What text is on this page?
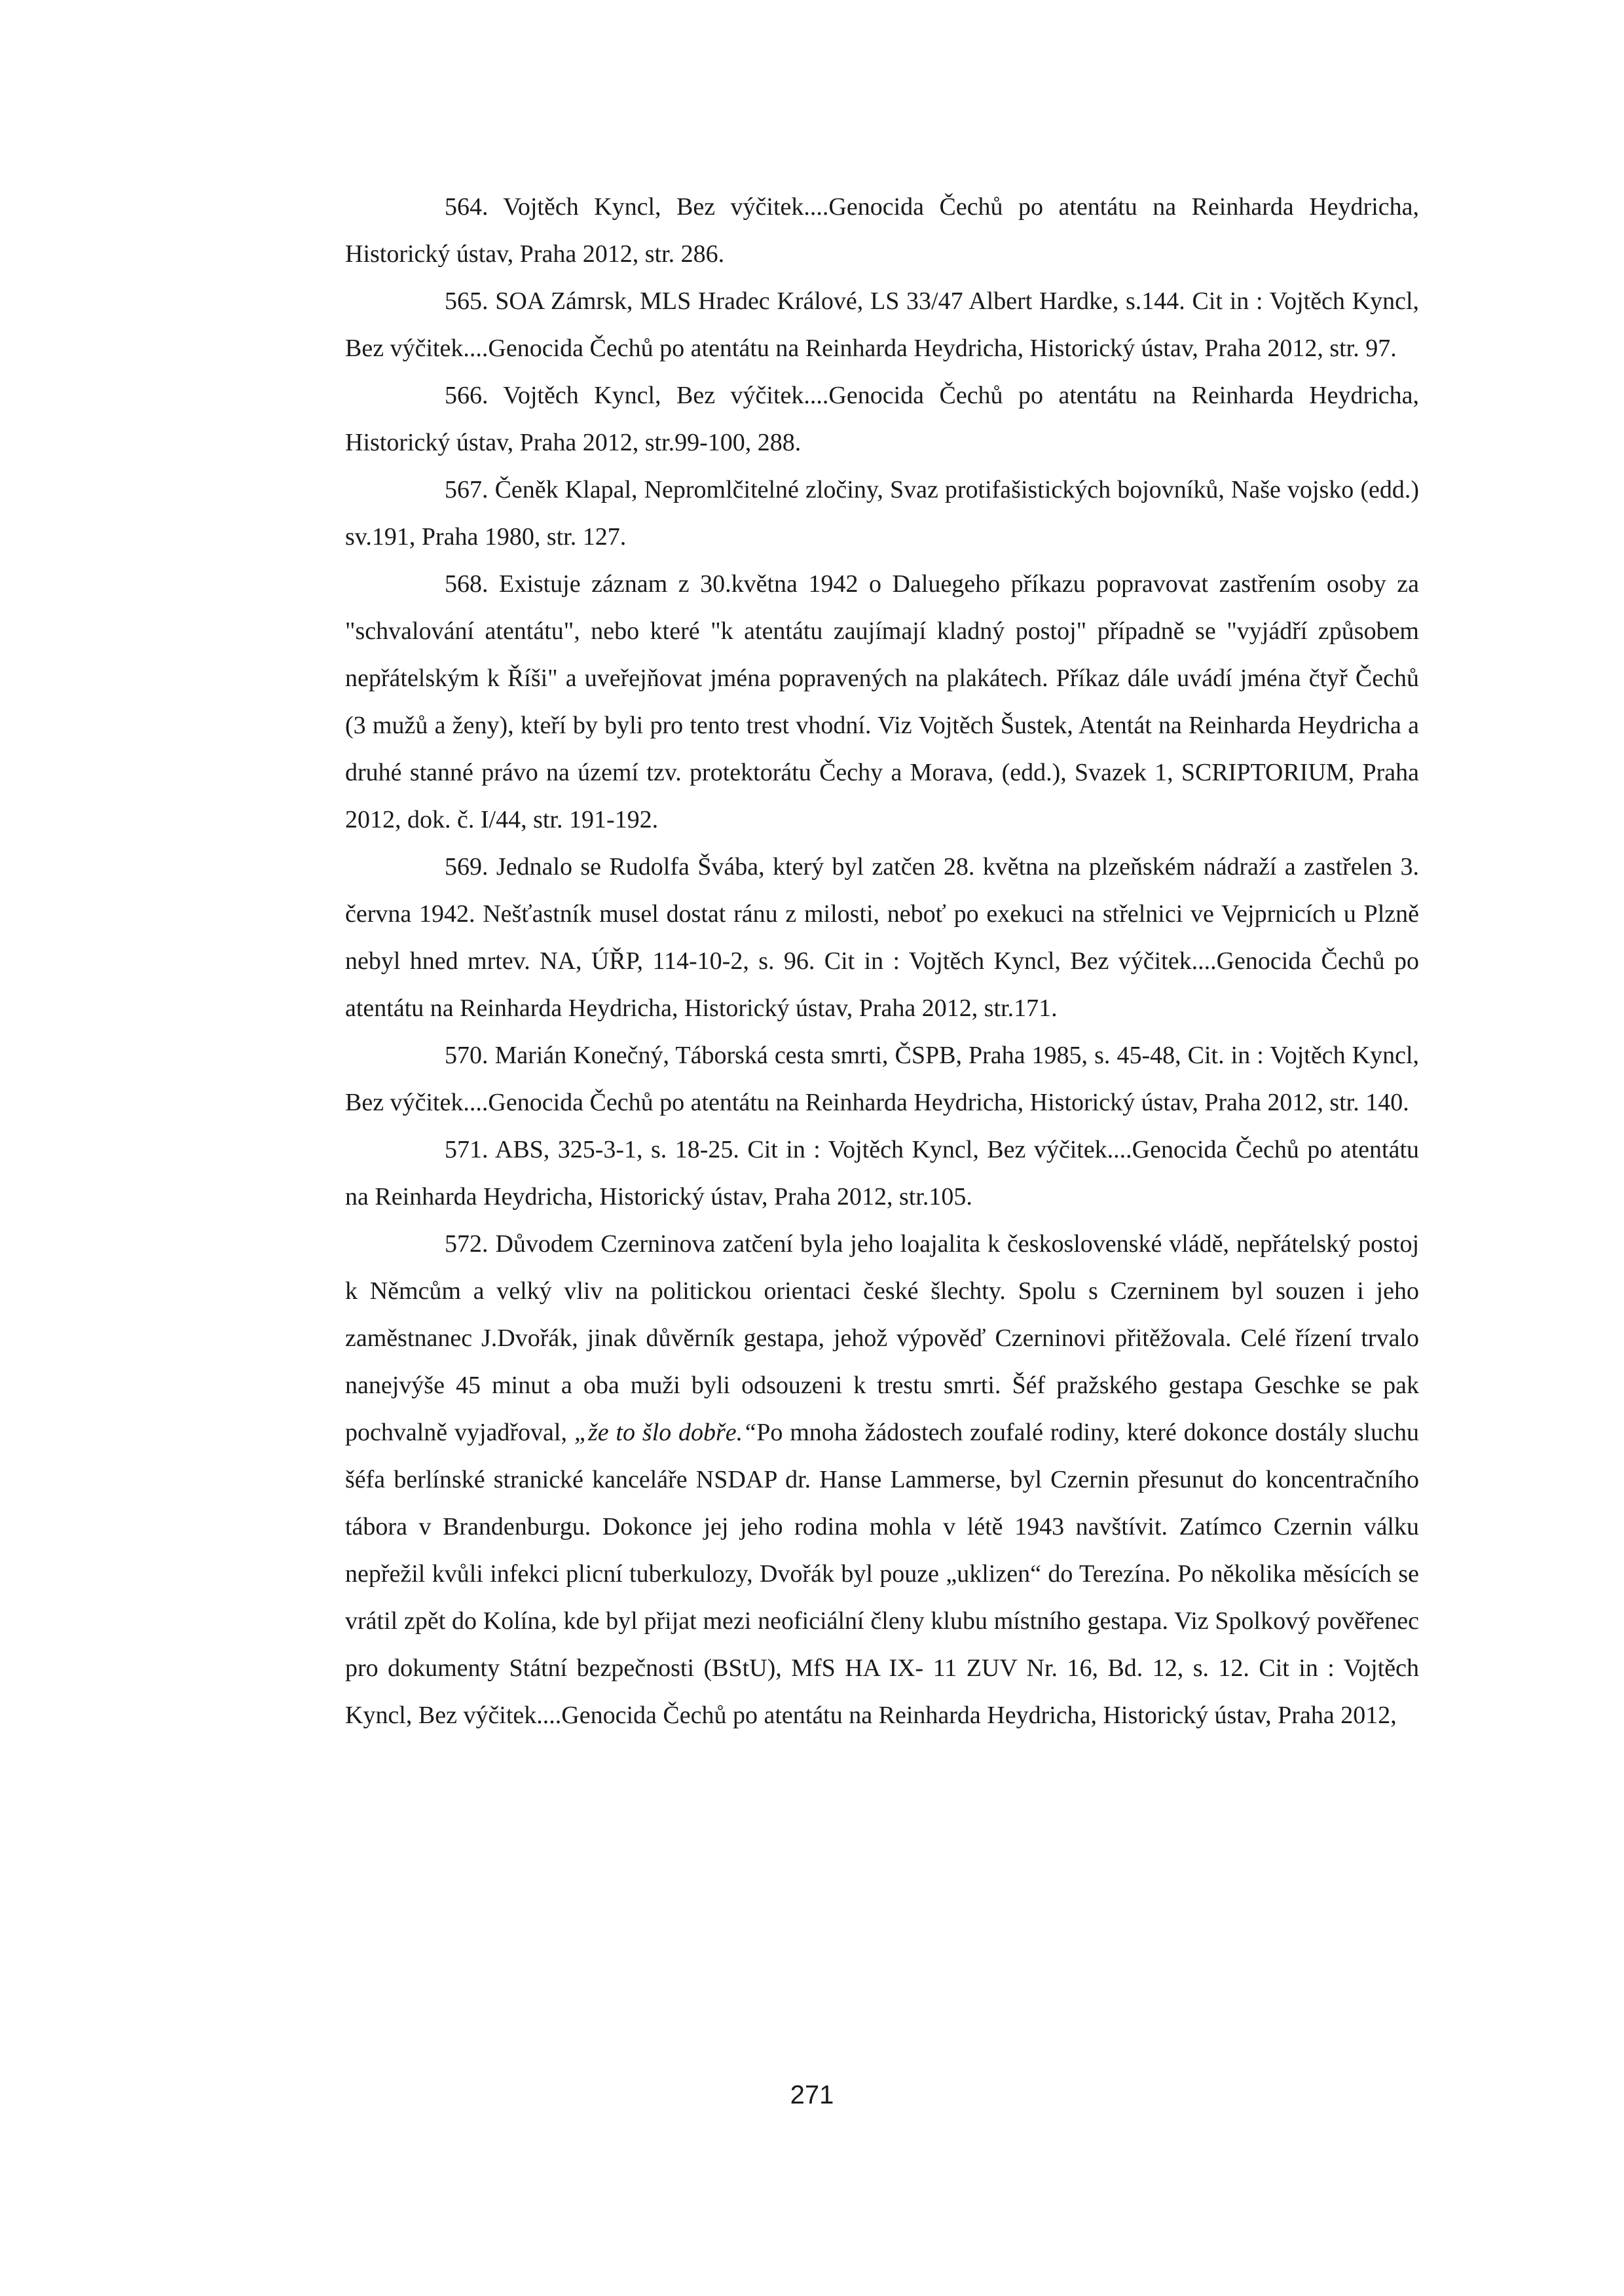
564. Vojtěch Kyncl, Bez výčitek....Genocida Čechů po atentátu na Reinharda Heydricha, Historický ústav, Praha 2012, str. 286.

565. SOA Zámrsk, MLS Hradec Králové, LS 33/47 Albert Hardke, s.144. Cit in : Vojtěch Kyncl, Bez výčitek....Genocida Čechů po atentátu na Reinharda Heydricha, Historický ústav, Praha 2012, str. 97.

566. Vojtěch Kyncl, Bez výčitek....Genocida Čechů po atentátu na Reinharda Heydricha, Historický ústav, Praha 2012, str.99-100, 288.

567. Čeněk Klapal, Nepromlčitelné zločiny, Svaz protifašistických bojovníků, Naše vojsko (edd.) sv.191, Praha 1980, str. 127.

568. Existuje záznam z 30.května 1942 o Daluegeho příkazu popravovat zastřením osoby za "schvalování atentátu", nebo které "k atentátu zaujímají kladný postoj" případně se "vyjádří způsobem nepřátelským k Říši" a uveřejňovat jména popravených na plakátech. Příkaz dále uvádí jména čtyř Čechů (3 mužů a ženy), kteří by byli pro tento trest vhodní. Viz Vojtěch Šustek, Atentát na Reinharda Heydricha a druhé stanné právo na území tzv. protektorátu Čechy a Morava, (edd.), Svazek 1, SCRIPTORIUM, Praha 2012, dok. č. I/44, str. 191-192.

569. Jednalo se Rudolfa Švába, který byl zatčen 28. května na plzeňském nádraží a zastřelen 3. června 1942. Nešťastník musel dostat ránu z milosti, neboť po exekuci na střelnici ve Vejprnicích u Plzně nebyl hned mrtev. NA, ÚŘP, 114-10-2, s. 96. Cit in : Vojtěch Kyncl, Bez výčitek....Genocida Čechů po atentátu na Reinharda Heydricha, Historický ústav, Praha 2012, str.171.

570. Marián Konečný, Táborská cesta smrti, ČSPB, Praha 1985, s. 45-48, Cit. in : Vojtěch Kyncl, Bez výčitek....Genocida Čechů po atentátu na Reinharda Heydricha, Historický ústav, Praha 2012, str. 140.

571. ABS, 325-3-1, s. 18-25. Cit in : Vojtěch Kyncl, Bez výčitek....Genocida Čechů po atentátu na Reinharda Heydricha, Historický ústav, Praha 2012, str.105.

572. Důvodem Czerninova zatčení byla jeho loajalita k československé vládě, nepřátelský postoj k Němcům a velký vliv na politickou orientaci české šlechty. Spolu s Czerninem byl souzen i jeho zaměstnanec J.Dvořák, jinak důvěrník gestapa, jehož výpověď Czerninovi přitěžovala. Celé řízení trvalo nanejvýše 45 minut a oba muži byli odsouzeni k trestu smrti. Šéf pražského gestapa Geschke se pak pochvalně vyjadřoval, „že to šlo dobře.“Po mnoha žádostech zoufalé rodiny, které dokonce dostály sluchu šéfa berlínské stranické kanceláře NSDAP dr. Hanse Lammerse, byl Czernin přesunut do koncentračního tábora v Brandenburgu. Dokonce jej jeho rodina mohla v létě 1943 navštívit. Zatímco Czernin válku nepřežil kvůli infekci plicní tuberkulozy, Dvořák byl pouze „uklizen“ do Terezína. Po několika měsících se vrátil zpět do Kolína, kde byl přijat mezi neoficiální členy klubu místního gestapa. Viz Spolkový pověřenec pro dokumenty Státní bezpečnosti (BStU), MfS HA IX- 11 ZUV Nr. 16, Bd. 12, s. 12. Cit in : Vojtěch Kyncl, Bez výčitek....Genocida Čechů po atentátu na Reinharda Heydricha, Historický ústav, Praha 2012,

271
